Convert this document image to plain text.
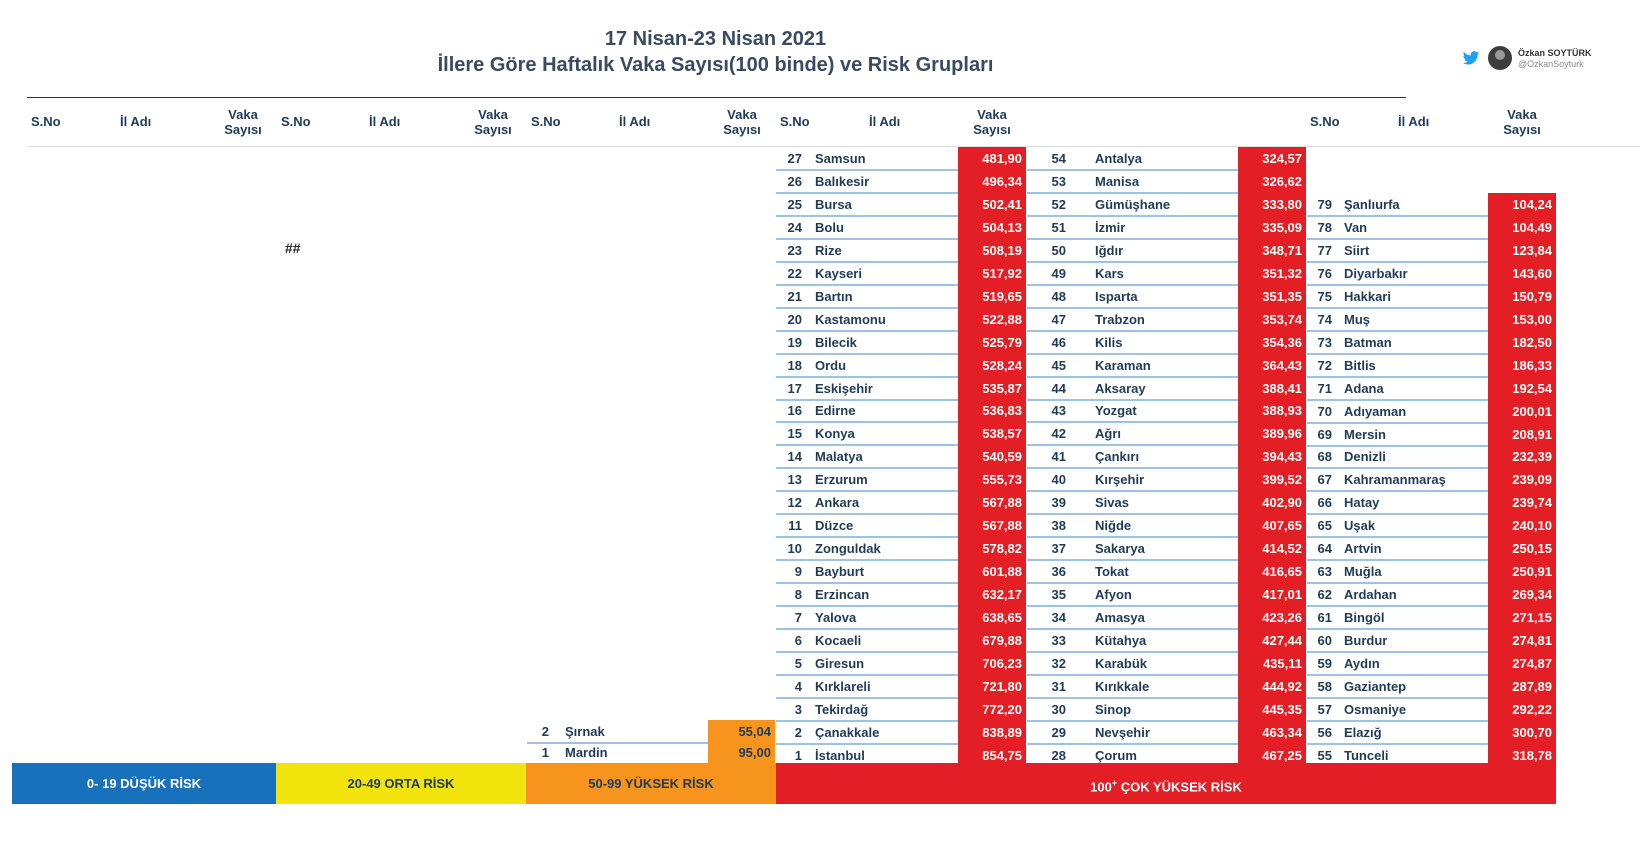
17 Nisan-23 Nisan 2021
İllere Göre Haftalık Vaka Sayısı(100 binde) ve Risk Grupları
Özkan SOYTÜRK
@OzkanSoyturk
S.No	İl Adı	Vaka
Sayısı
S.No	İl Adı	Vaka
Sayısı
S.No	İl Adı	Vaka
Sayısı
S.No	İl Adı	Vaka
Sayısı
S.No	İl Adı	Vaka
Sayısı
##
2 Şırnak	55,04
1 Mardin	95,00
27 Samsun	481,90
26 Balıkesir	496,34
25 Bursa	502,41
24 Bolu	504,13
23 Rize	508,19
22 Kayseri	517,92
21 Bartın	519,65
20 Kastamonu	522,88
19 Bilecik	525,79
18 Ordu	528,24
17 Eskişehir	535,87
16 Edirne	536,83
15 Konya	538,57
14 Malatya	540,59
13 Erzurum	555,73
12 Ankara	567,88
11 Düzce	567,88
10 Zonguldak	578,82
9 Bayburt	601,88
8 Erzincan	632,17
7 Yalova	638,65
6 Kocaeli	679,88
5 Giresun	706,23
4 Kırklareli	721,80
3 Tekirdağ	772,20
2 Çanakkale	838,89
1 İstanbul	854,75
54 Antalya	324,57
53 Manisa	326,62
52 Gümüşhane	333,80
51 İzmir	335,09
50 Iğdır	348,71
49 Kars	351,32
48 Isparta	351,35
47 Trabzon	353,74
46 Kilis	354,36
45 Karaman	364,43
44 Aksaray	388,41
43 Yozgat	388,93
42 Ağrı	389,96
41 Çankırı	394,43
40 Kırşehir	399,52
39 Sivas	402,90
38 Niğde	407,65
37 Sakarya	414,52
36 Tokat	416,65
35 Afyon	417,01
34 Amasya	423,26
33 Kütahya	427,44
32 Karabük	435,11
31 Kırıkkale	444,92
30 Sinop	445,35
29 Nevşehir	463,34
28 Çorum	467,25
79 Şanlıurfa	104,24
78 Van	104,49
77 Siirt	123,84
76 Diyarbakır	143,60
75 Hakkari	150,79
74 Muş	153,00
73 Batman	182,50
72 Bitlis	186,33
71 Adana	192,54
70 Adıyaman	200,01
69 Mersin	208,91
68 Denizli	232,39
67 Kahramanmaraş	239,09
66 Hatay	239,74
65 Uşak	240,10
64 Artvin	250,15
63 Muğla	250,91
62 Ardahan	269,34
61 Bingöl	271,15
60 Burdur	274,81
59 Aydın	274,87
58 Gaziantep	287,89
57 Osmaniye	292,22
56 Elazığ	300,70
55 Tunceli	318,78
0- 19 DÜŞÜK RİSK	20-49 ORTA RİSK	50-99 YÜKSEK RİSK	100+ ÇOK YÜKSEK RİSK
